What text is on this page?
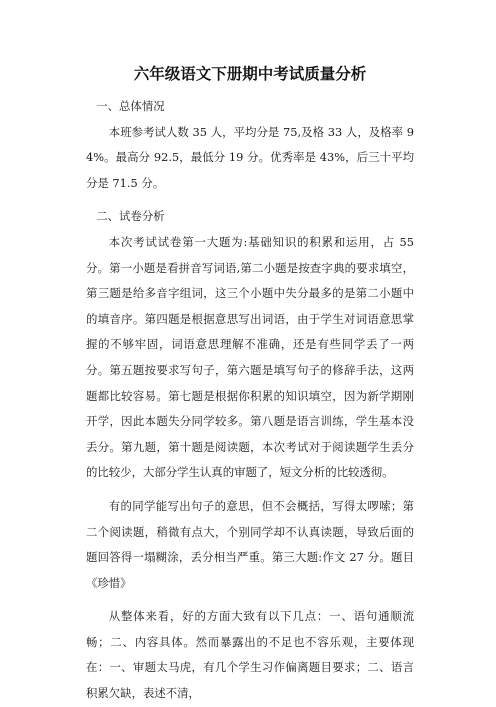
六年级语文下册期中考试质量分析

一、总体情况

本班参考试人数 35 人，平均分是 75,及格 33 人，及格率 94%。最高分 92.5，最低分 19 分。优秀率是 43%，后三十平均分是 71.5 分。

二、试卷分析

本次考试试卷第一大题为:基础知识的积累和运用，占 55 分。第一小题是看拼音写词语,第二小题是按查字典的要求填空，第三题是给多音字组词，这三个小题中失分最多的是第二小题中的填音序。第四题是根据意思写出词语，由于学生对词语意思掌握的不够牢固，词语意思理解不准确，还是有些同学丢了一两分。第五题按要求写句子，第六题是填写句子的修辞手法，这两题都比较容易。第七题是根据你积累的知识填空，因为新学期刚开学，因此本题失分同学较多。第八题是语言训练，学生基本没丢分。第九题，第十题是阅读题，本次考试对于阅读题学生丢分的比较少，大部分学生认真的审题了，短文分析的比较透彻。

有的同学能写出句子的意思，但不会概括，写得太啰嗦；第二个阅读题，稍微有点大，个别同学却不认真读题，导致后面的题回答得一塌糊涂，丢分相当严重。第三大题:作文 27 分。题目 《珍惜》

从整体来看，好的方面大致有以下几点：一、语句通顺流畅；二、内容具体。然而暴露出的不足也不容乐观，主要体现在：一、审题太马虎，有几个学生习作偏离题目要求；二、语言积累欠缺，表述不清，
